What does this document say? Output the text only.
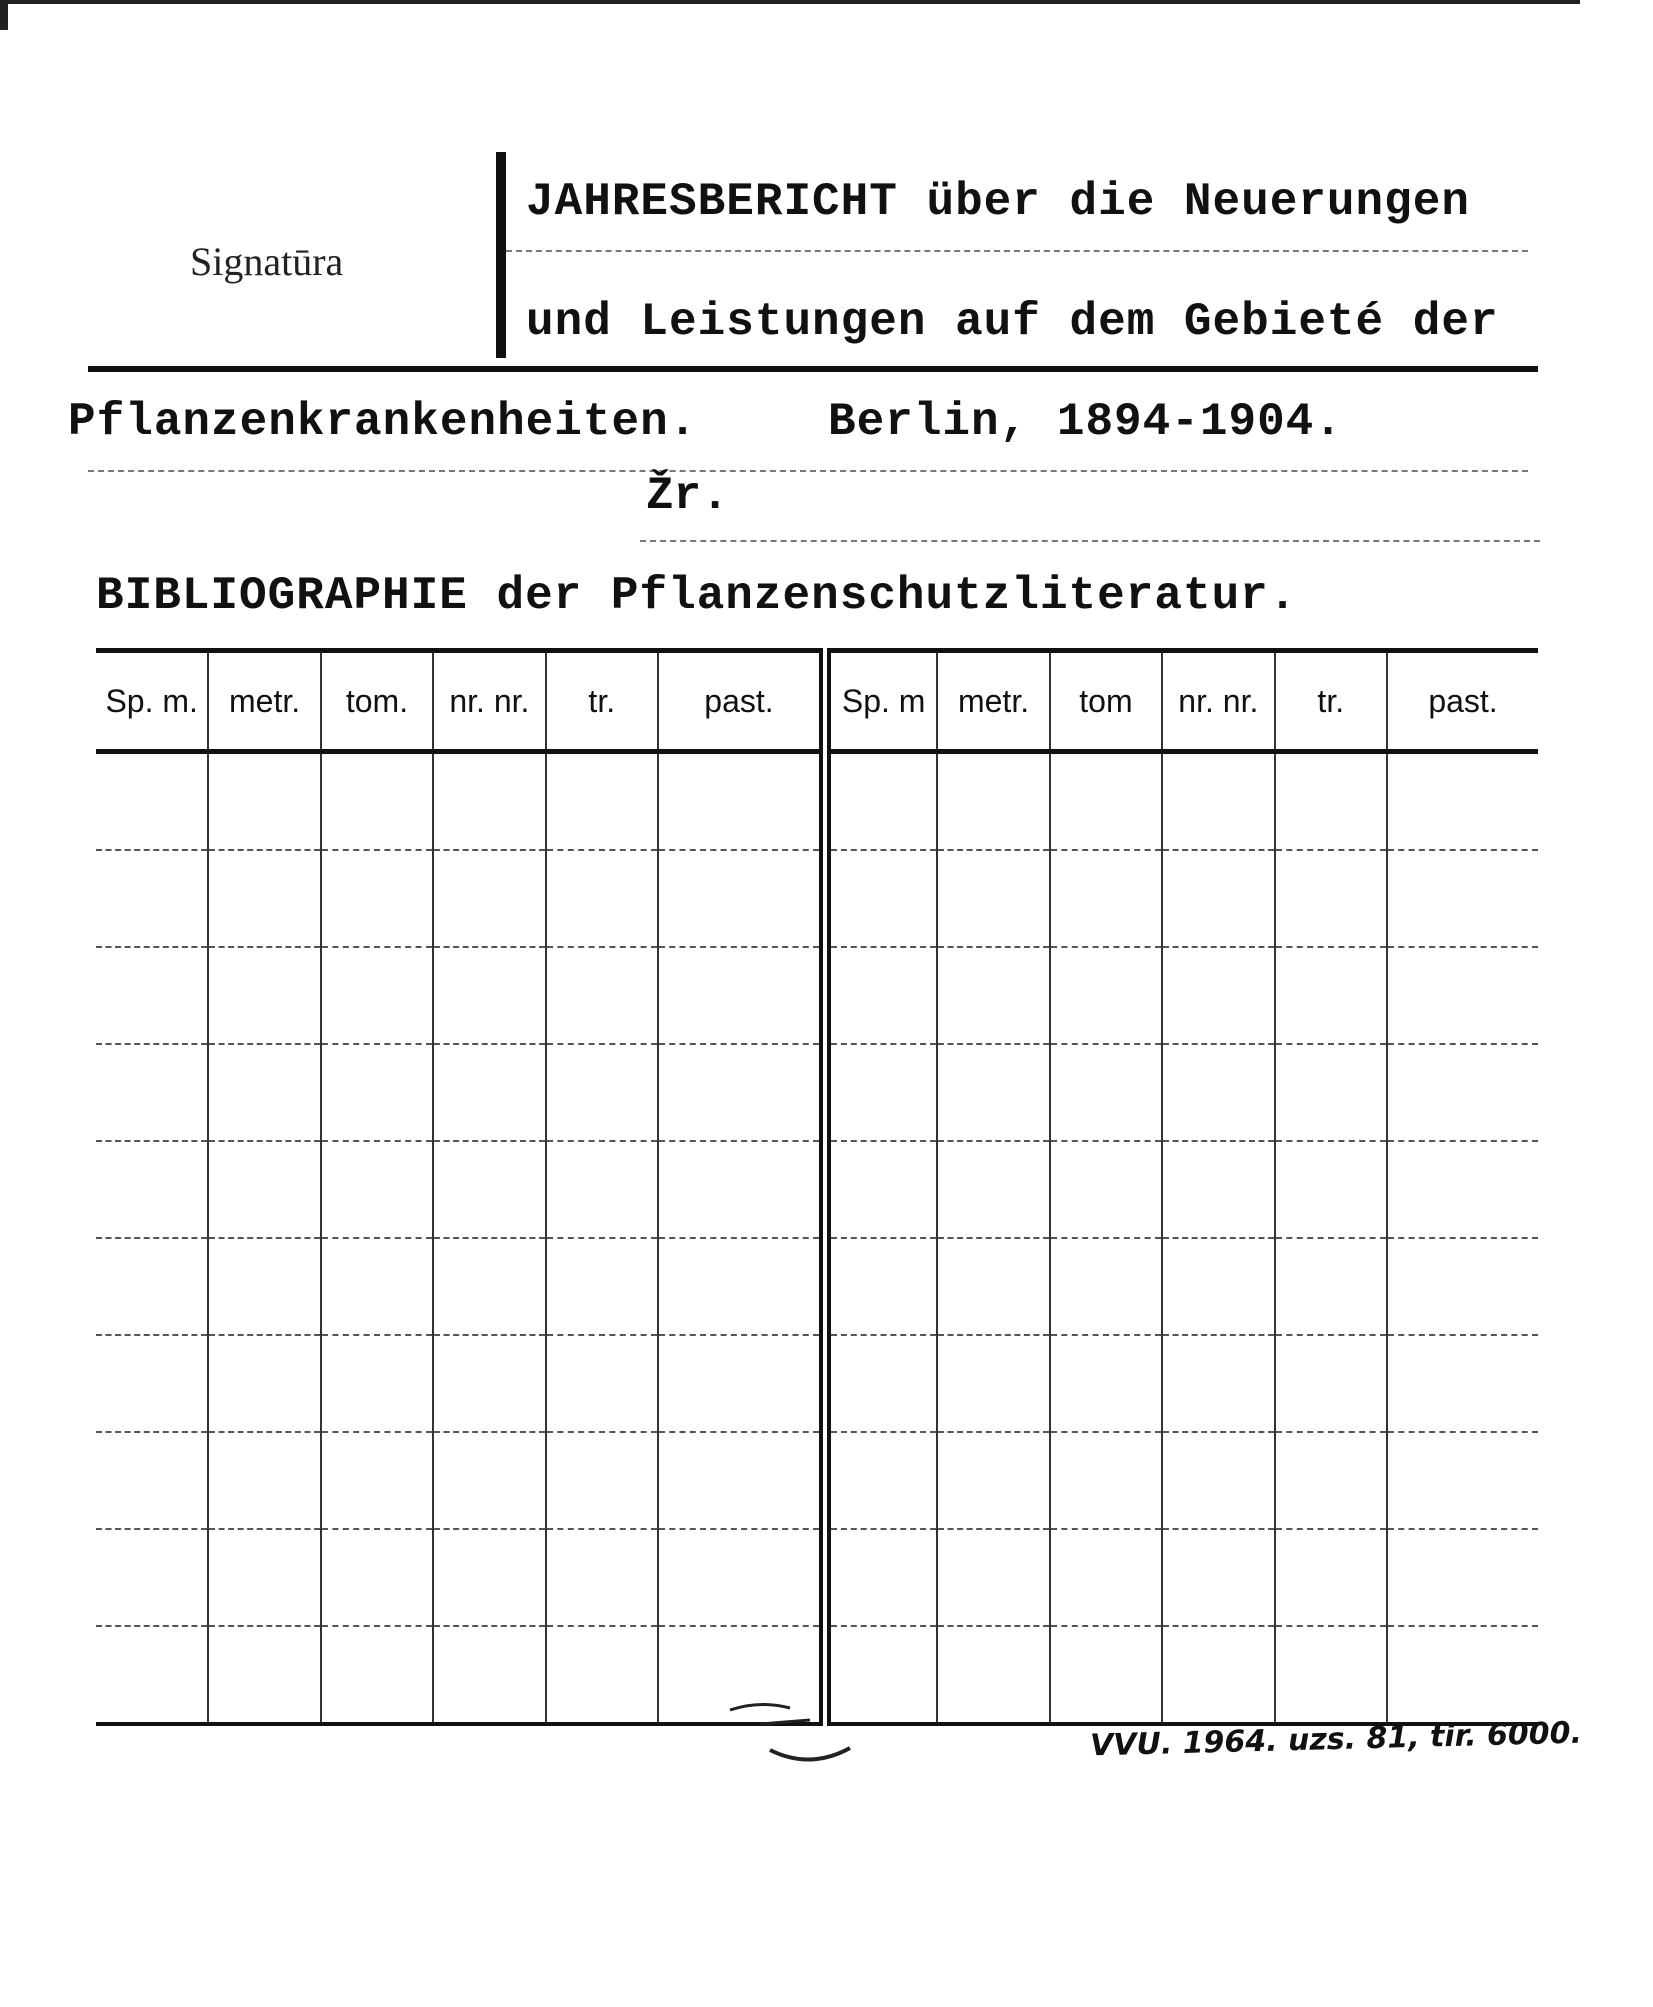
Signatūra
JAHRESBERICHT über die Neuerungen
und Leistungen auf dem Gebieté der
Pflanzenkrankenheiten.	Berlin, 1894-1904.
Žr.
BIBLIOGRAPHIE der Pflanzenschutzliteratur.
Sp. m.	metr.	tom.	nr. nr.	tr.	past.	Sp. m	metr.	tom	nr. nr.	tr.	past.

VVU. 1964. uzs. 81, tir. 6000.
